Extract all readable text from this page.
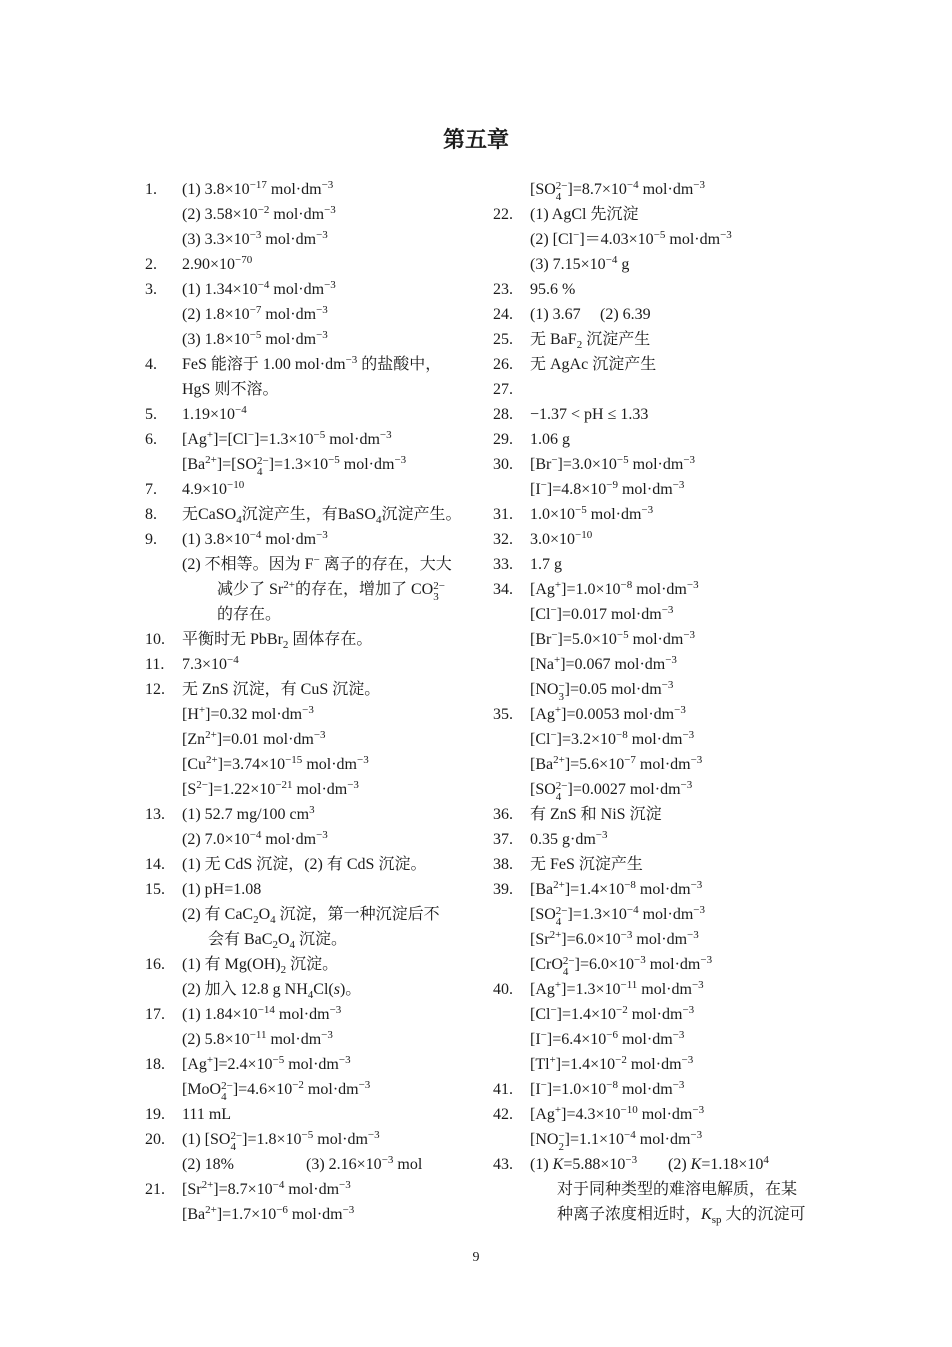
第五章
1.	(1) $3.8\times 10^{-17}$ $mol\cdot dm^{-3}$
(2) $3.58\times 10^{-2}$ $mol\cdot dm^{-3}$
(3) $3.3\times 10^{-3}$ $mol\cdot dm^{-3}$
2.	$2.90\times 10^{-70}$
3.	(1) $1.34\times 10^{-4}$ $mol\cdot dm^{-3}$
(2) $1.8\times 10^{-7}$ $mol\cdot dm^{-3}$
(3) $1.8\times 10^{-5}$ $mol\cdot dm^{-3}$
4.	FeS 能溶于 1.00 $mol\cdot dm^{-3}$ 的盐酸中，
HgS 则不溶。
5.	$1.19\times 10^{-4}$
6.	$[Ag^+]=[Cl^-]=1.3\times 10^{-5}$ $mol\cdot dm^{-3}$
$[Ba^{2+}]=[SO$ 2−
4 ]$=1.3\times 10^{-5}$ $mol\cdot dm^{-3}$
7.	$4.9\times 10^{-10}$
8.	无CaSO$_4$沉淀产生，有BaSO$_4$沉淀产生。
9.	(1) $3.8\times 10^{-4}$ $mol\cdot dm^{-3}$
(2) 不相等。因为 F− 离子的存在，大大
减少了 $Sr^{2+}$的存在，增加了 CO 2−
3
的存在。
10.	平衡时无 PbBr$_2$ 固体存在。
11.	$7.3\times 10^{-4}$
12.	无 ZnS 沉淀，有 CuS 沉淀。
[H+]=0.32 $mol\cdot dm^{-3}$
$[Zn^{2+}]=0.01$ $mol\cdot dm^{-3}$
$[Cu^{2+}]=3.74\times 10^{-15}$ $mol\cdot dm^{-3}$
$[S^{2-}]=1.22\times 10^{-21}$ $mol\cdot dm^{-3}$
13.	(1) 52.7 mg/100 $cm^3$
(2) $7.0\times 10^{-4}$ $mol\cdot dm^{-3}$
14.	(1) 无 CdS 沉淀，(2) 有 CdS 沉淀。
15.	(1) pH=1.08
(2) 有 $CaC_2O_4$ 沉淀，第一种沉淀后不
会有 $BaC_2O_4$ 沉淀。
16.	(1) 有 $Mg(OH)_2$ 沉淀。
(2) 加入 12.8 g $NH_4Cl(s)$。
17.	(1) $1.84\times 10^{-14}$ $mol\cdot dm^{-3}$
(2) $5.8\times 10^{-11}$ $mol\cdot dm^{-3}$
18.	$[Ag^+]=2.4\times 10^{-5}$ $mol\cdot dm^{-3}$
[MoO 2−
4 ]$=4.6\times 10^{-2}$ $mol\cdot dm^{-3}$
19.	111 mL
20.	(1) [SO 2−
4 ]$=1.8\times 10^{-5}$ $mol\cdot dm^{-3}$
(2) 18%	(3) $2.16\times 10^{-3}$ mol
21.	$[Sr^{2+}]=8.7\times 10^{-4}$ $mol\cdot dm^{-3}$
$[Ba^{2+}]=1.7\times 10^{-6}$ $mol\cdot dm^{-3}$
[SO 2−
4 ]$=8.7\times 10^{-4}$ $mol\cdot dm^{-3}$
22.	(1) AgCl 先沉淀
(2) $[Cl^-]=4.03\times 10^{-5}$ $mol\cdot dm^{-3}$
(3) $7.15\times 10^{-4}$ g
23.	95.6 %
24.	(1) 3.67 (2) 6.39
25.	无 BaF$_2$ 沉淀产生
26.	无 AgAc 沉淀产生
27.
28.	−1.37 < pH ≤ 1.33
29.	1.06 g
30.	$[Br^-]=3.0\times 10^{-5}$ $mol\cdot dm^{-3}$
$[I^-]=4.8\times 10^{-9}$ $mol\cdot dm^{-3}$
31.	$1.0\times 10^{-5}$ $mol\cdot dm^{-3}$
32.	$3.0\times 10^{-10}$
33.	1.7 g
34.	$[Ag^+]=1.0\times 10^{-8}$ $mol\cdot dm^{-3}$
[Cl−]=0.017 $mol\cdot dm^{-3}$
$[Br^-]=5.0\times 10^{-5}$ $mol\cdot dm^{-3}$
[Na+]=0.067 $mol\cdot dm^{-3}$
[NO −
3 ]=0.05 $mol\cdot dm^{-3}$
35.	[Ag+]=0.0053 $mol\cdot dm^{-3}$
$[Cl^-]=3.2\times 10^{-8}$ $mol\cdot dm^{-3}$
$[Ba^{2+}]=5.6\times 10^{-7}$ $mol\cdot dm^{-3}$
[SO 2−
4 ]=0.0027 $mol\cdot dm^{-3}$
36.	有 ZnS 和 NiS 沉淀
37.	0.35 $g\cdot dm^{-3}$
38.	无 FeS 沉淀产生
39.	$[Ba^{2+}]=1.4\times 10^{-8}$ $mol\cdot dm^{-3}$
[SO 2−
4 ]$=1.3\times 10^{-4}$ $mol\cdot dm^{-3}$
$[Sr^{2+}]=6.0\times 10^{-3}$ $mol\cdot dm^{-3}$
[CrO 2−
4 ]$=6.0\times 10^{-3}$ $mol\cdot dm^{-3}$
40.	$[Ag^+]=1.3\times 10^{-11}$ $mol\cdot dm^{-3}$
$[Cl^-]=1.4\times 10^{-2}$ $mol\cdot dm^{-3}$
$[I^-]=6.4\times 10^{-6}$ $mol\cdot dm^{-3}$
$[Tl^+]=1.4\times 10^{-2}$ $mol\cdot dm^{-3}$
41.	$[I^-]=1.0\times 10^{-8}$ $mol\cdot dm^{-3}$
42.	$[Ag^+]=4.3\times 10^{-10}$ $mol\cdot dm^{-3}$
[NO −
2 ]$=1.1\times 10^{-4}$ $mol\cdot dm^{-3}$
43.	(1) $K=5.88\times 10^{-3}$ (2) $K=1.18\times 10^4$
对于同种类型的难溶电解质，在某
种离子浓度相近时，$K_{sp}$ 大的沉淀可
9
